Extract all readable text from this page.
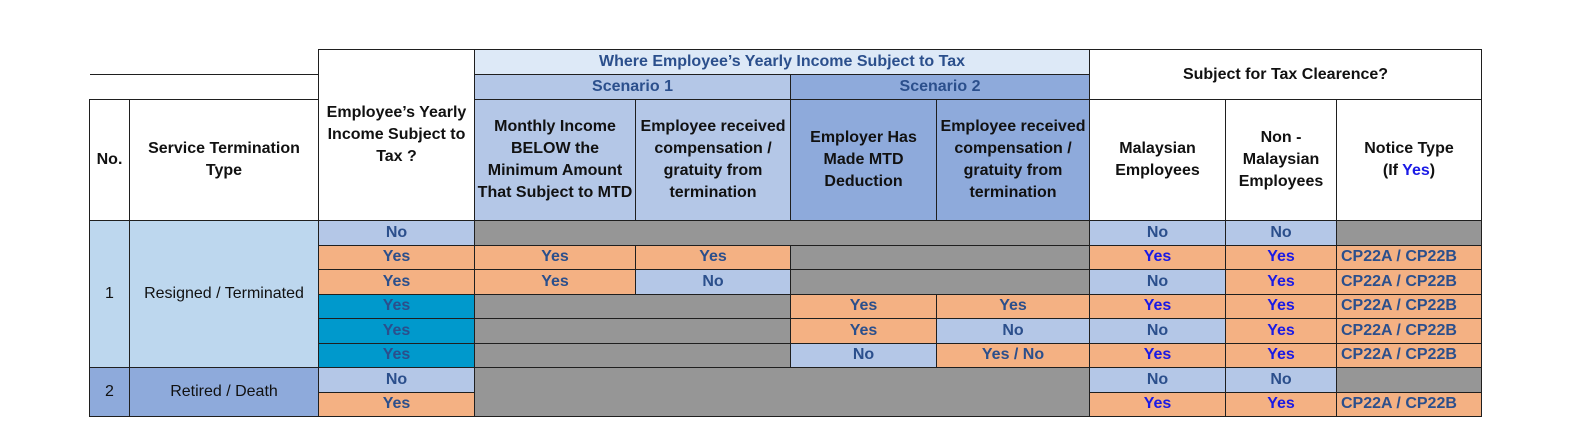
		Employee’s Yearly Income Subject to Tax ?	Where Employee’s Yearly Income Subject to Tax				Subject for Tax Clearence?		
			Scenario 1		Scenario 2				
No.	Service Termination Type		Monthly Income BELOW the Minimum Amount That Subject to MTD	Employee received compensation / gratuity from termination	Employer Has Made MTD Deduction	Employee received compensation / gratuity from termination	Malaysian Employees	Non - Malaysian Employees	Notice Type
(If Yes)
1	Resigned / Terminated	No					No	No	
		Yes	Yes	Yes			Yes	Yes	CP22A / CP22B
		Yes	Yes	No			No	Yes	CP22A / CP22B
		Yes			Yes	Yes	Yes	Yes	CP22A / CP22B
		Yes			Yes	No	No	Yes	CP22A / CP22B
		Yes			No	Yes / No	Yes	Yes	CP22A / CP22B
2	Retired / Death	No					No	No	
		Yes					Yes	Yes	CP22A / CP22B
